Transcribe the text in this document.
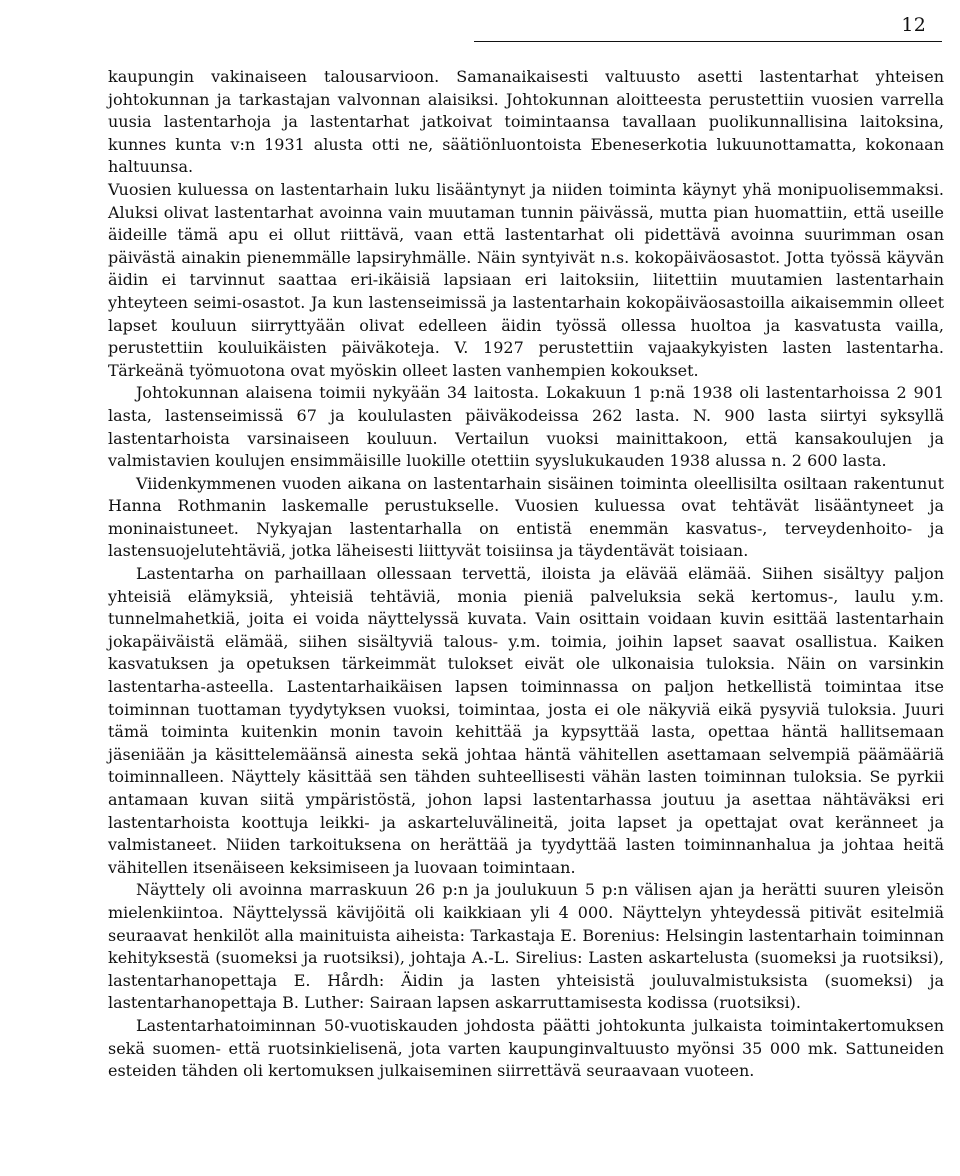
12

kaupungin vakinaiseen talousarvioon. Samanaikaisesti valtuusto asetti lastentarhat yhteisen johtokunnan ja tarkastajan valvonnan alaisiksi. Johtokunnan aloitteesta perustettiin vuosien varrella uusia lastentarhoja ja lastentarhat jatkoivat toimintaansa tavallaan puolikunnallisina laitoksina, kunnes kunta v:n 1931 alusta otti ne, säätiönluontoista Ebeneserkotia lukuunottamatta, kokonaan haltuunsa.

Vuosien kuluessa on lastentarhain luku lisääntynyt ja niiden toiminta käynyt yhä monipuolisemmaksi. Aluksi olivat lastentarhat avoinna vain muutaman tunnin päivässä, mutta pian huomattiin, että useille äideille tämä apu ei ollut riittävä, vaan että lastentarhat oli pidettävä avoinna suurimman osan päivästä ainakin pienemmälle lapsiryhmälle. Näin syntyivät n.s. kokopäiväosastot. Jotta työssä käyvän äidin ei tarvinnut saattaa eri-ikäisiä lapsiaan eri laitoksiin, liitettiin muutamien lastentarhain yhteyteen seimi-osastot. Ja kun lastenseimissä ja lastentarhain kokopäiväosastoilla aikaisemmin olleet lapset kouluun siirryttyään olivat edelleen äidin työssä ollessa huoltoa ja kasvatusta vailla, perustettiin kouluikäisten päiväkoteja. V. 1927 perustettiin vajaakykyisten lasten lastentarha. Tärkeänä työmuotona ovat myöskin olleet lasten vanhempien kokoukset.

Johtokunnan alaisena toimii nykyään 34 laitosta. Lokakuun 1 p:nä 1938 oli lastentarhoissa 2 901 lasta, lastenseimissä 67 ja koululasten päiväkodeissa 262 lasta. N. 900 lasta siirtyi syksyllä lastentarhoista varsinaiseen kouluun. Vertailun vuoksi mainittakoon, että kansakoulujen ja valmistavien koulujen ensimmäisille luokille otettiin syyslukukauden 1938 alussa n. 2 600 lasta.

Viidenkymmenen vuoden aikana on lastentarhain sisäinen toiminta oleellisilta osiltaan rakentunut Hanna Rothmanin laskemalle perustukselle. Vuosien kuluessa ovat tehtävät lisääntyneet ja moninaistuneet. Nykyajan lastentarhalla on entistä enemmän kasvatus-, terveydenhoito- ja lastensuojelutehtäviä, jotka läheisesti liittyvät toisiinsa ja täydentävät toisiaan.

Lastentarha on parhaillaan ollessaan tervettä, iloista ja elävää elämää. Siihen sisältyy paljon yhteisiä elämyksiä, yhteisiä tehtäviä, monia pieniä palveluksia sekä kertomus-, laulu y.m. tunnelmahetkiä, joita ei voida näyttelyssä kuvata. Vain osittain voidaan kuvin esittää lastentarhain jokapäiväistä elämää, siihen sisältyviä talous- y.m. toimia, joihin lapset saavat osallistua. Kaiken kasvatuksen ja opetuksen tärkeimmät tulokset eivät ole ulkonaisia tuloksia. Näin on varsinkin lastentarha-asteella. Lastentarhaikäisen lapsen toiminnassa on paljon hetkellistä toimintaa itse toiminnan tuottaman tyydytyksen vuoksi, toimintaa, josta ei ole näkyviä eikä pysyviä tuloksia. Juuri tämä toiminta kuitenkin monin tavoin kehittää ja kypsyttää lasta, opettaa häntä hallitsemaan jäseniään ja käsittelemäänsä ainesta sekä johtaa häntä vähitellen asettamaan selvempiä päämääriä toiminnalleen. Näyttely käsittää sen tähden suhteellisesti vähän lasten toiminnan tuloksia. Se pyrkii antamaan kuvan siitä ympäristöstä, johon lapsi lastentarhassa joutuu ja asettaa nähtäväksi eri lastentarhoista koottuja leikki- ja askarteluvälineitä, joita lapset ja opettajat ovat keränneet ja valmistaneet. Niiden tarkoituksena on herättää ja tyydyttää lasten toiminnanhalua ja johtaa heitä vähitellen itsenäiseen keksimiseen ja luovaan toimintaan.

Näyttely oli avoinna marraskuun 26 p:n ja joulukuun 5 p:n välisen ajan ja herätti suuren yleisön mielenkiintoa. Näyttelyssä kävijöitä oli kaikkiaan yli 4 000. Näyttelyn yhteydessä pitivät esitelmiä seuraavat henkilöt alla mainituista aiheista: Tarkastaja E. Borenius: Helsingin lastentarhain toiminnan kehityksestä (suomeksi ja ruotsiksi), johtaja A.-L. Sirelius: Lasten askartelusta (suomeksi ja ruotsiksi), lastentarhanopettaja E. Hårdh: Äidin ja lasten yhteisistä jouluvalmistuksista (suomeksi) ja lastentarhanopettaja B. Luther: Sairaan lapsen askarruttamisesta kodissa (ruotsiksi).

Lastentarhatoiminnan 50-vuotiskauden johdosta päätti johtokunta julkaista toimintakertomuksen sekä suomen- että ruotsinkielisenä, jota varten kaupunginvaltuusto myönsi 35 000 mk. Sattuneiden esteiden tähden oli kertomuksen julkaiseminen siirrettävä seuraavaan vuoteen.
